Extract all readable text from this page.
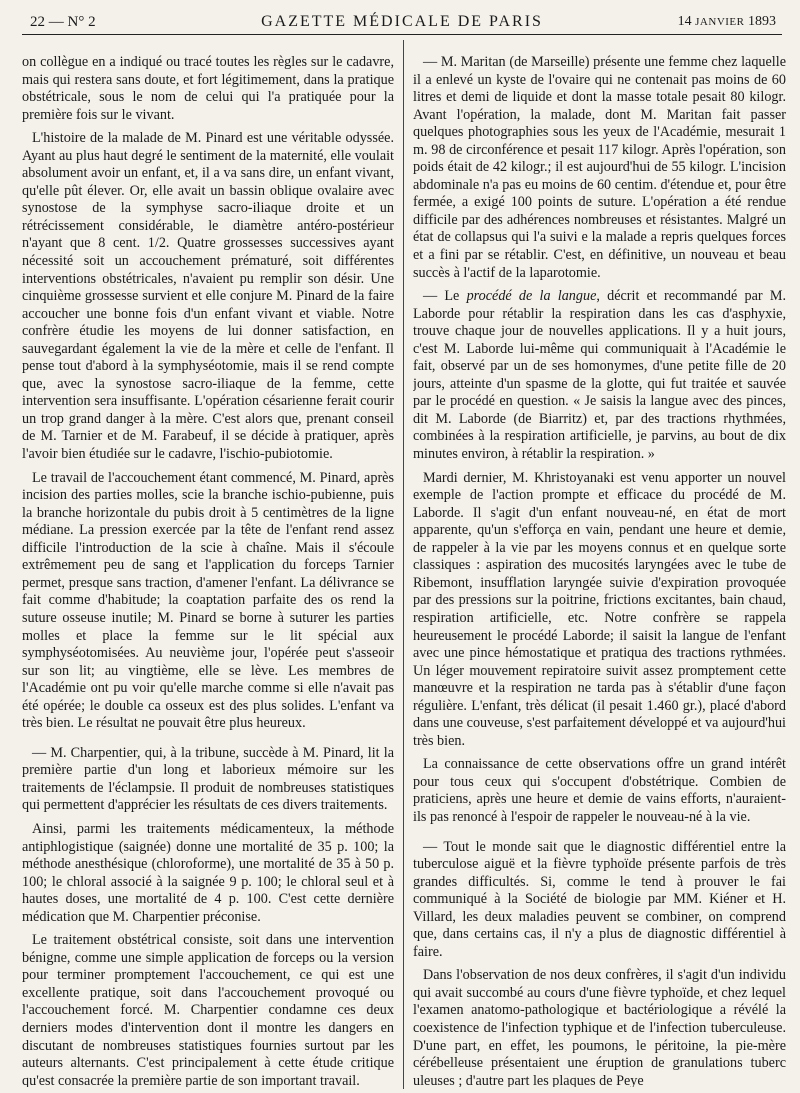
22 — N° 2	GAZETTE MÉDICALE DE PARIS	14 JANVIER 1893

on collègue en a indiqué ou tracé toutes les règles sur le cadavre, mais qui restera sans doute, et fort légitimement, dans la pratique obstétricale, sous le nom de celui qui l'a pratiquée pour la première fois sur le vivant.

L'histoire de la malade de M. Pinard est une véritable odyssée. Ayant au plus haut degré le sentiment de la maternité, elle voulait absolument avoir un enfant, et, il a va sans dire, un enfant vivant, qu'elle pût élever. Or, elle avait un bassin oblique ovalaire avec synostose de la symphyse sacro-iliaque droite et un rétrécissement considérable, le diamètre antéro-postérieur n'ayant que 8 cent. 1/2. Quatre grossesses successives ayant nécessité soit un accouchement prématuré, soit différentes interventions obstétricales, n'avaient pu remplir son désir. Une cinquième grossesse survient et elle conjure M. Pinard de la faire accoucher une bonne fois d'un enfant vivant et viable. Notre confrère étudie les moyens de lui donner satisfaction, en sauvegardant également la vie de la mère et celle de l'enfant. Il pense tout d'abord à la symphyséotomie, mais il se rend compte que, avec la synostose sacro-iliaque de la femme, cette intervention sera insuffisante. L'opération césarienne ferait courir un trop grand danger à la mère. C'est alors que, prenant conseil de M. Tarnier et de M. Farabeuf, il se décide à pratiquer, après l'avoir bien étudiée sur le cadavre, l'ischio-pubiotomie.

Le travail de l'accouchement étant commencé, M. Pinard, après incision des parties molles, scie la branche ischio-pubienne, puis la branche horizontale du pubis droit à 5 centimètres de la ligne médiane. La pression exercée par la tête de l'enfant rend assez difficile l'introduction de la scie à chaîne. Mais il s'écoule extrêmement peu de sang et l'application du forceps Tarnier permet, presque sans traction, d'amener l'enfant. La délivrance se fait comme d'habitude; la coaptation parfaite des os rend la suture osseuse inutile; M. Pinard se borne à suturer les parties molles et place la femme sur le lit spécial aux symphyséotomisées. Au neuvième jour, l'opérée peut s'asseoir sur son lit; au vingtième, elle se lève. Les membres de l'Académie ont pu voir qu'elle marche comme si elle n'avait pas été opérée; le double ca osseux est des plus solides. L'enfant va très bien. Le résultat ne pouvait être plus heureux.

— M. Charpentier, qui, à la tribune, succède à M. Pinard, lit la première partie d'un long et laborieux mémoire sur les traitements de l'éclampsie. Il produit de nombreuses statistiques qui permettent d'apprécier les résultats de ces divers traitements.

Ainsi, parmi les traitements médicamenteux, la méthode antiphlogistique (saignée) donne une mortalité de 35 p. 100; la méthode anesthésique (chloroforme), une mortalité de 35 à 50 p. 100; le chloral associé à la saignée 9 p. 100; le chloral seul et à hautes doses, une mortalité de 4 p. 100. C'est cette dernière médication que M. Charpentier préconise.

Le traitement obstétrical consiste, soit dans une intervention bénigne, comme une simple application de forceps ou la version pour terminer promptement l'accouchement, ce qui est une excellente pratique, soit dans l'accouchement provoqué ou l'accouchement forcé. M. Charpentier condamne ces deux derniers modes d'intervention dont il montre les dangers en discutant de nombreuses statistiques fournies surtout par les auteurs alternants. C'est principalement à cette étude critique qu'est consacrée la première partie de son important travail.

— M. Maritan (de Marseille) présente une femme chez laquelle il a enlevé un kyste de l'ovaire qui ne contenait pas moins de 60 litres et demi de liquide et dont la masse totale pesait 80 kilogr. Avant l'opération, la malade, dont M. Maritan fait passer quelques photographies sous les yeux de l'Académie, mesurait 1 m. 98 de circonférence et pesait 117 kilogr. Après l'opération, son poids était de 42 kilogr.; il est aujourd'hui de 55 kilogr. L'incision abdominale n'a pas eu moins de 60 centim. d'étendue et, pour être fermée, a exigé 100 points de suture. L'opération a été rendue difficile par des adhérences nombreuses et résistantes. Malgré un état de collapsus qui l'a suivi e la malade a repris quelques forces et a fini par se rétablir. C'est, en définitive, un nouveau et beau succès à l'actif de la laparotomie.

— Le procédé de la langue, décrit et recommandé par M. Laborde pour rétablir la respiration dans les cas d'asphyxie, trouve chaque jour de nouvelles applications. Il y a huit jours, c'est M. Laborde lui-même qui communiquait à l'Académie le fait, observé par un de ses homonymes, d'une petite fille de 20 jours, atteinte d'un spasme de la glotte, qui fut traitée et sauvée par le procédé en question. « Je saisis la langue avec des pinces, dit M. Laborde (de Biarritz) et, par des tractions rhythmées, combinées à la respiration artificielle, je parvins, au bout de dix minutes environ, à rétablir la respiration. »

Mardi dernier, M. Khristoyanaki est venu apporter un nouvel exemple de l'action prompte et efficace du procédé de M. Laborde. Il s'agit d'un enfant nouveau-né, en état de mort apparente, qu'un s'efforça en vain, pendant une heure et demie, de rappeler à la vie par les moyens connus et en quelque sorte classiques : aspiration des mucosités laryngées avec le tube de Ribemont, insufflation laryngée suivie d'expiration provoquée par des pressions sur la poitrine, frictions excitantes, bain chaud, respiration artificielle, etc. Notre confrère se rappela heureusement le procédé Laborde; il saisit la langue de l'enfant avec une pince hémostatique et pratiqua des tractions rythmées. Un léger mouvement repiratoire suivit assez promptement cette manœuvre et la respiration ne tarda pas à s'établir d'une façon régulière. L'enfant, très délicat (il pesait 1.460 gr.), placé d'abord dans une couveuse, s'est parfaitement développé et va aujourd'hui très bien.

La connaissance de cette observations offre un grand intérêt pour tous ceux qui s'occupent d'obstétrique. Combien de praticiens, après une heure et demie de vains efforts, n'auraient-ils pas renoncé à l'espoir de rappeler le nouveau-né à la vie.

— Tout le monde sait que le diagnostic différentiel entre la tuberculose aiguë et la fièvre typhoïde présente parfois de très grandes difficultés. Si, comme le tend à prouver le fai communiqué à la Société de biologie par MM. Kiéner et H. Villard, les deux maladies peuvent se combiner, on comprend que, dans certains cas, il n'y a plus de diagnostic différentiel à faire.

Dans l'observation de nos deux confrères, il s'agit d'un individu qui avait succombé au cours d'une fièvre typhoïde, et chez lequel l'examen anatomo-pathologique et bactériologique a révélé la coexistence de l'infection typhique et de l'infection tuberculeuse. D'une part, en effet, les poumons, le péritoine, la pie-mère cérébelleuse présentaient une éruption de granulations tuberc uleuses ; d'autre part les plaques de Peye
